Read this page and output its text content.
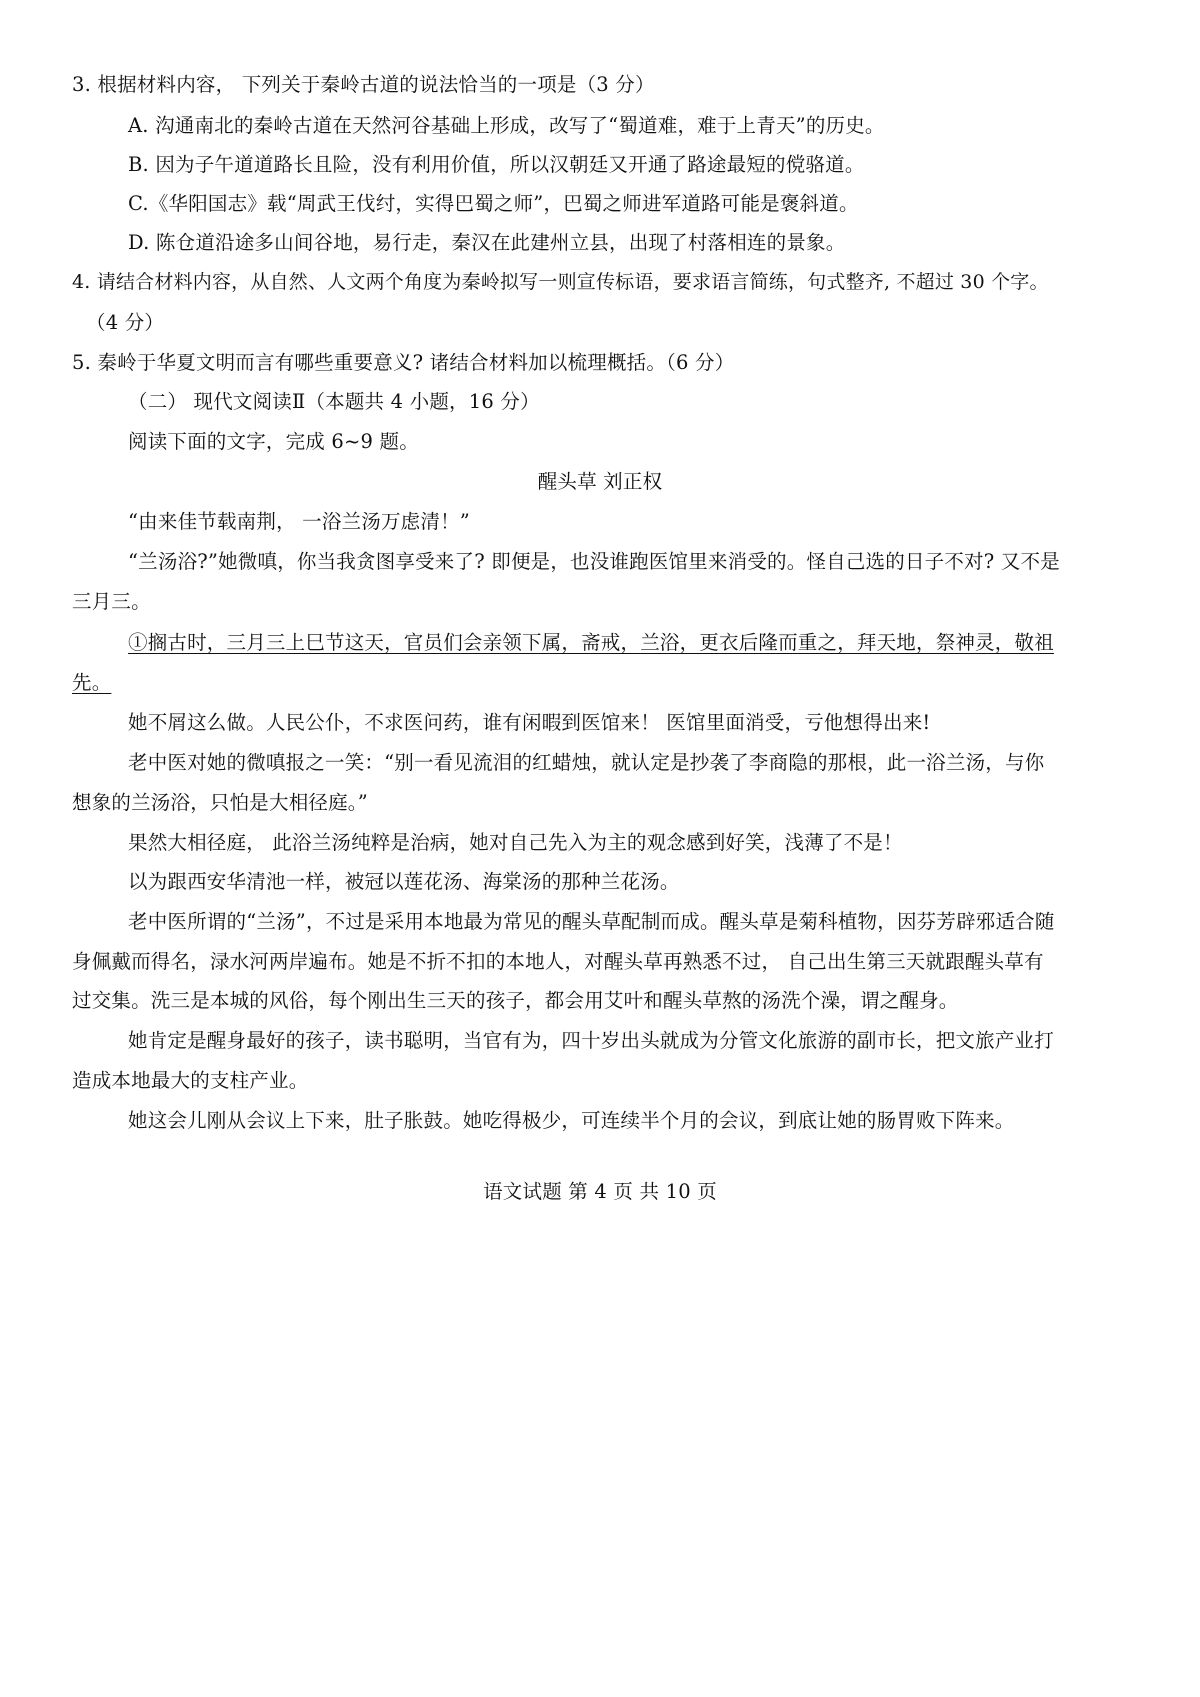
3. 根据材料内容， 下列关于秦岭古道的说法恰当的一项是（3 分）
A. 沟通南北的秦岭古道在天然河谷基础上形成，改写了“蜀道难，难于上青天”的历史。
B. 因为子午道道路长且险，没有利用价值，所以汉朝廷又开通了路途最短的傥骆道。
C.《华阳国志》载“周武王伐纣，实得巴蜀之师”，巴蜀之师进军道路可能是褒斜道。
D. 陈仓道沿途多山间谷地，易行走，秦汉在此建州立县，出现了村落相连的景象。
4. 请结合材料内容，从自然、人文两个角度为秦岭拟写一则宣传标语，要求语言简练，句式整齐, 不超过 30 个字。
（4 分）
5. 秦岭于华夏文明而言有哪些重要意义? 诸结合材料加以梳理概括。（6 分）
（二） 现代文阅读Ⅱ（本题共 4 小题，16 分）
阅读下面的文字，完成 6~9 题。
醒头草 刘正权
“由来佳节载南荆， 一浴兰汤万虑清！”
“兰汤浴?”她微嗔，你当我贪图享受来了? 即便是，也没谁跑医馆里来消受的。怪自己选的日子不对? 又不是
三月三。
①搁古时，三月三上巳节这天，官员们会亲领下属，斋戒，兰浴，更衣后隆而重之，拜天地，祭神灵，敬祖
先。
她不屑这么做。人民公仆，不求医问药，谁有闲暇到医馆来！ 医馆里面消受，亏他想得出来!
老中医对她的微嗔报之一笑：“别一看见流泪的红蜡烛，就认定是抄袭了李商隐的那根，此一浴兰汤，与你
想象的兰汤浴，只怕是大相径庭。”
果然大相径庭， 此浴兰汤纯粹是治病，她对自己先入为主的观念感到好笑，浅薄了不是！
以为跟西安华清池一样，被冠以莲花汤、海棠汤的那种兰花汤。
老中医所谓的“兰汤”，不过是采用本地最为常见的醒头草配制而成。醒头草是菊科植物，因芬芳辟邪适合随
身佩戴而得名，渌水河两岸遍布。她是不折不扣的本地人，对醒头草再熟悉不过， 自己出生第三天就跟醒头草有
过交集。洗三是本城的风俗，每个刚出生三天的孩子，都会用艾叶和醒头草熬的汤洗个澡，谓之醒身。
她肯定是醒身最好的孩子，读书聪明，当官有为，四十岁出头就成为分管文化旅游的副市长，把文旅产业打
造成本地最大的支柱产业。
她这会儿刚从会议上下来，肚子胀鼓。她吃得极少，可连续半个月的会议，到底让她的肠胃败下阵来。
语文试题 第 4 页 共 10 页
